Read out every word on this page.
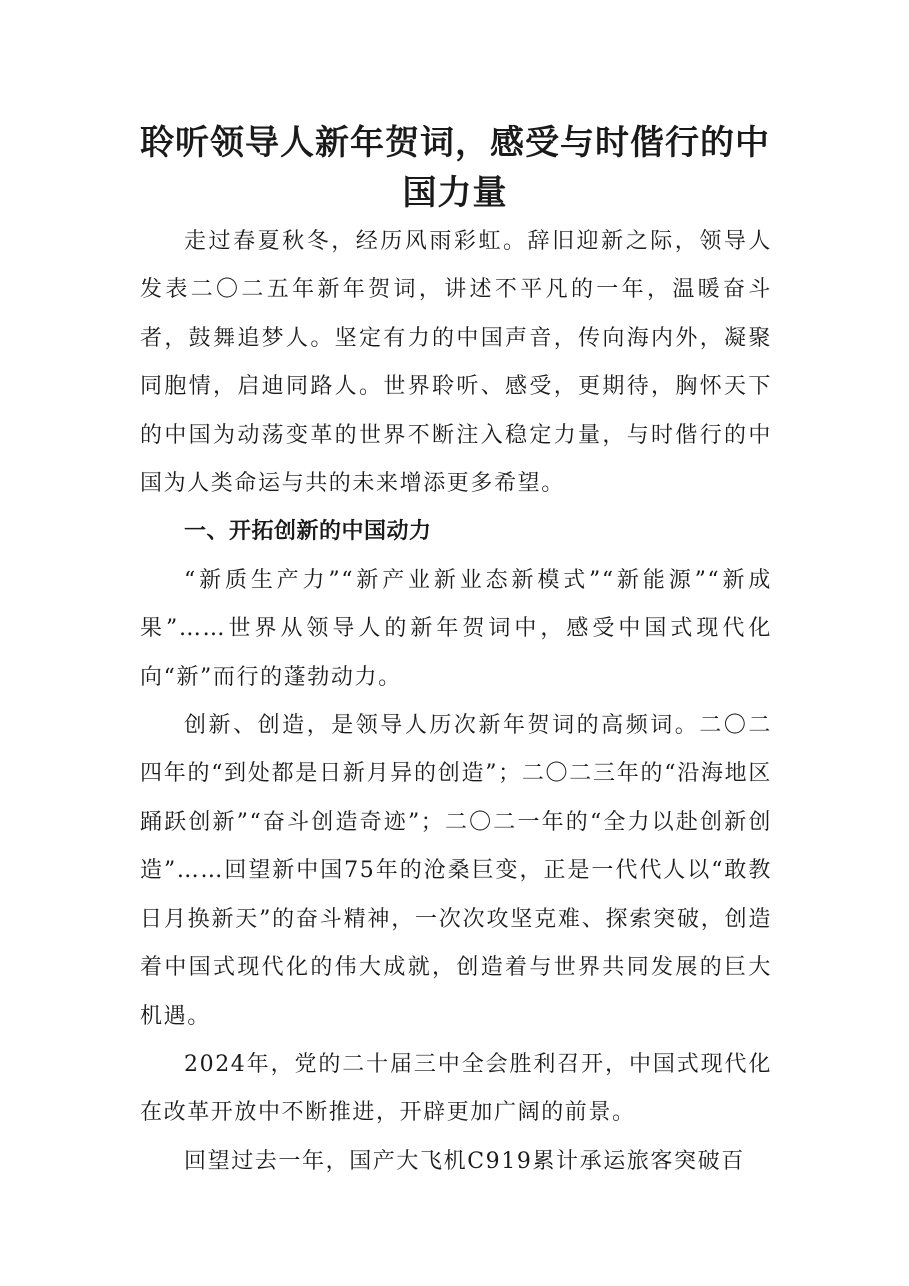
聆听领导人新年贺词，感受与时偕行的中国力量

走过春夏秋冬，经历风雨彩虹。辞旧迎新之际，领导人发表二〇二五年新年贺词，讲述不平凡的一年，温暖奋斗者，鼓舞追梦人。坚定有力的中国声音，传向海内外，凝聚同胞情，启迪同路人。世界聆听、感受，更期待，胸怀天下的中国为动荡变革的世界不断注入稳定力量，与时偕行的中国为人类命运与共的未来增添更多希望。

一、开拓创新的中国动力

“新质生产力”“新产业新业态新模式”“新能源”“新成果”……世界从领导人的新年贺词中，感受中国式现代化向“新”而行的蓬勃动力。

创新、创造，是领导人历次新年贺词的高频词。二〇二四年的“到处都是日新月异的创造”；二〇二三年的“沿海地区踊跃创新”“奋斗创造奇迹”；二〇二一年的“全力以赴创新创造”……回望新中国75年的沧桑巨变，正是一代代人以“敢教日月换新天”的奋斗精神，一次次攻坚克难、探索突破，创造着中国式现代化的伟大成就，创造着与世界共同发展的巨大机遇。

2024年，党的二十届三中全会胜利召开，中国式现代化在改革开放中不断推进，开辟更加广阔的前景。

回望过去一年，国产大飞机C919累计承运旅客突破百
